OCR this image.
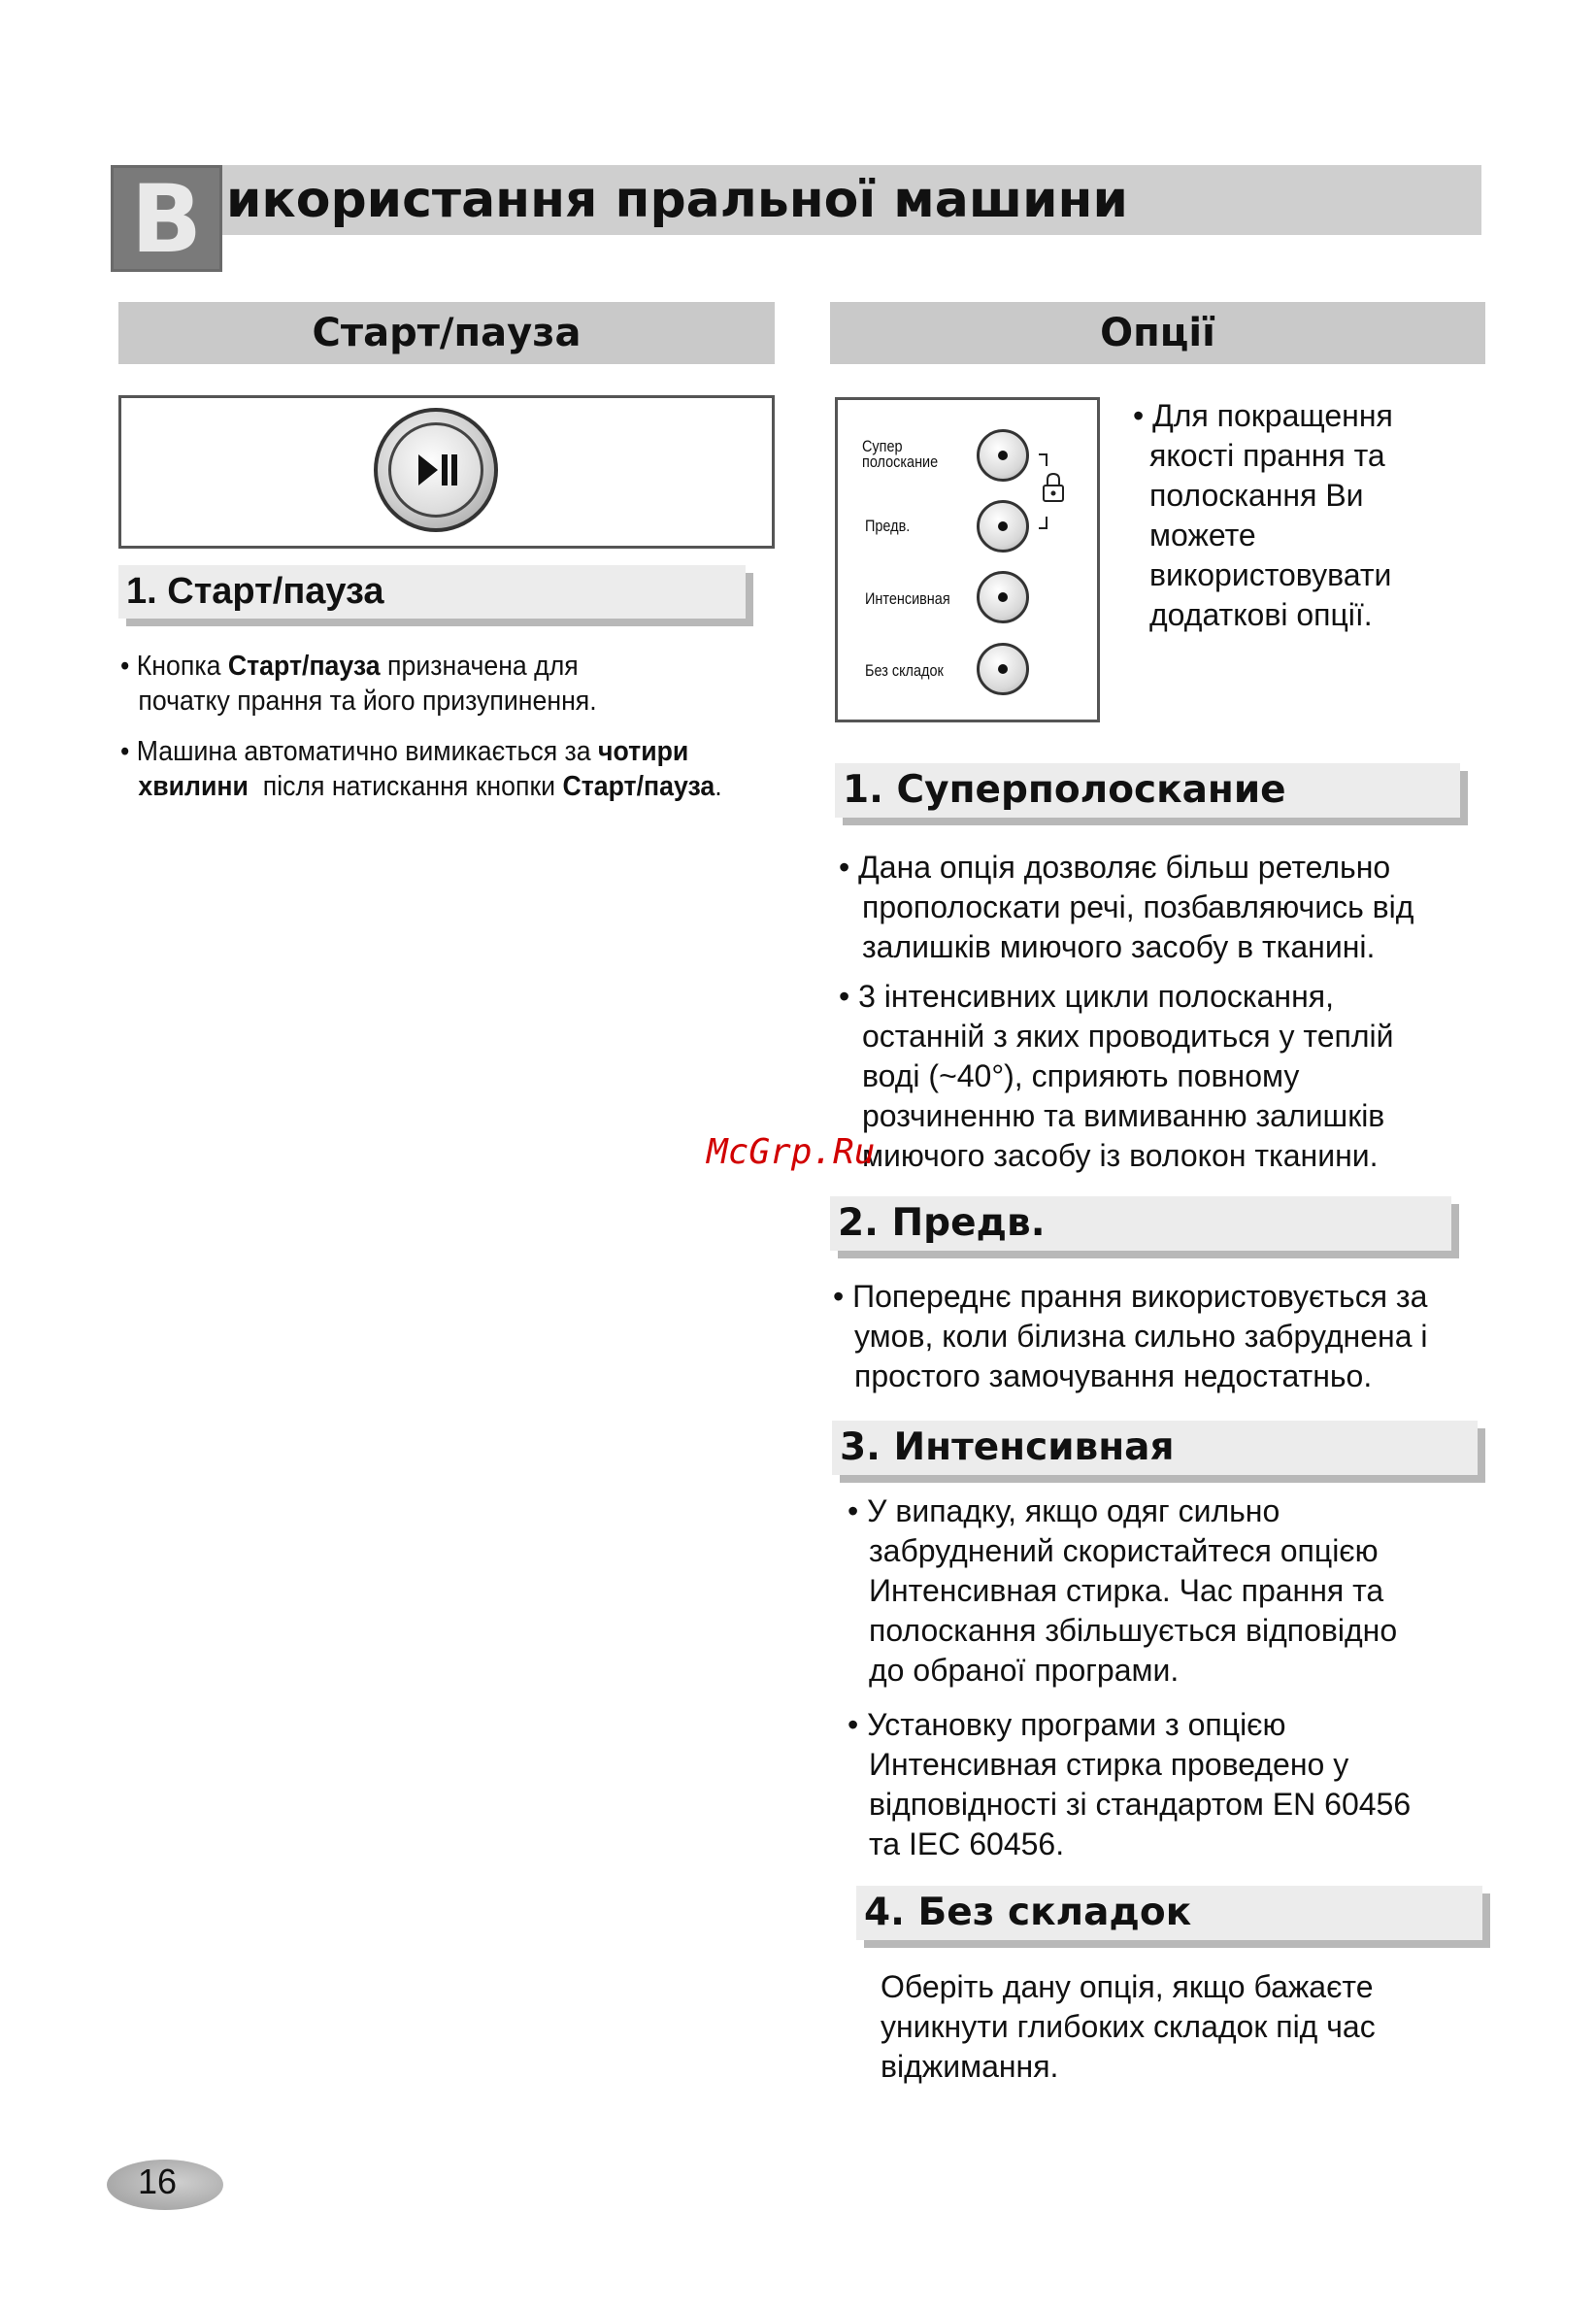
В икористання пральної машини
Старт/пауза
1. Старт/пауза
• Кнопка Старт/пауза призначена для
початку прання та його призупинення.
• Машина автоматично вимикається за чотири
хвилини  після натискання кнопки Старт/пауза.
Опції
Супер
полоскание
Предв.
Интенсивная
Без складок
• Для покращення
якості прання та
полоскання Ви
можете
використовувати
додаткові опції.
1. Суперполоскание
• Дана опція дозволяє більш ретельно
прополоскати речі, позбавляючись від
залишків миючого засобу в тканині.
• 3 інтенсивних цикли полоскання,
останній з яких проводиться у теплій
воді (~40°), сприяють повному
розчиненню та вимиванню залишків
миючого засобу із волокон тканини.
2. Предв.
• Попереднє прання використовується за
умов, коли білизна сильно забруднена і
простого замочування недостатньо.
3. Интенсивная
• У випадку, якщо одяг сильно
забруднений скористайтеся опцією
Интенсивная стирка. Час прання та
полоскання збільшується відповідно
до обраної програми.
• Установку програми з опцією
Интенсивная стирка проведено у
відповідності зі стандартом EN 60456
та IEC 60456.
4. Без складок
Оберіть дану опція, якщо бажаєте
уникнути глибоких складок під час
віджимання.
McGrp.Ru
16
